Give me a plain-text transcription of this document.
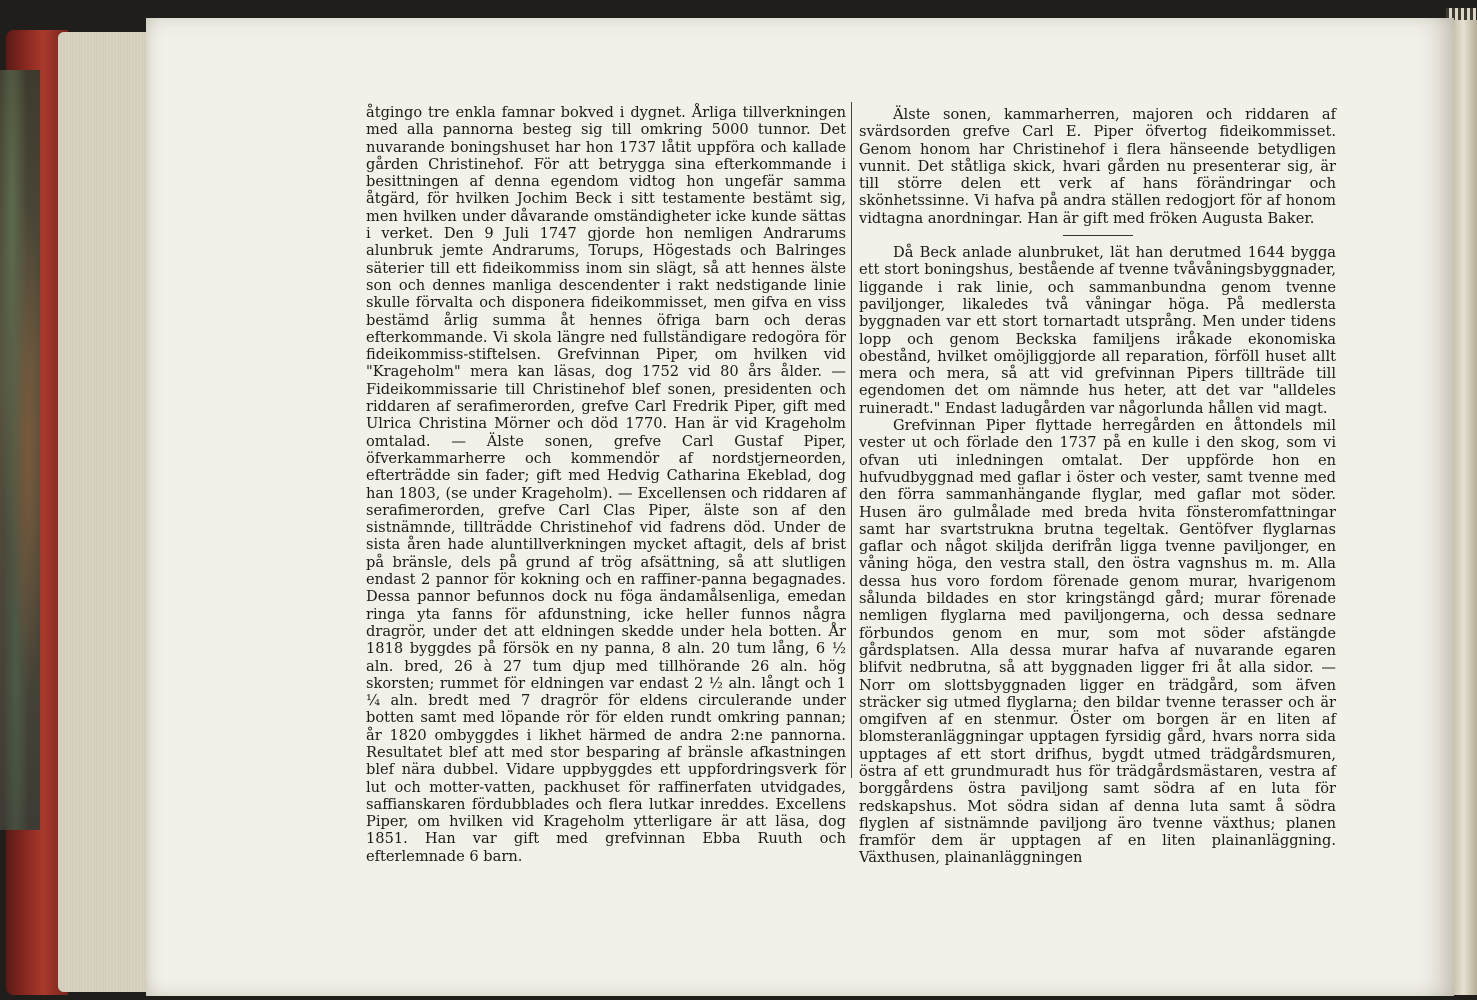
åtgingo tre enkla famnar bokved i dygnet. Årliga tillverkningen med alla pannorna besteg sig till omkring 5000 tunnor. Det nuvarande boningshuset har hon 1737 låtit uppföra och kallade gården Christinehof. För att betrygga sina efterkommande i besittningen af denna egendom vidtog hon ungefär samma åtgärd, för hvilken Jochim Beck i sitt testamente bestämt sig, men hvilken under dåvarande omständigheter icke kunde sättas i verket. Den 9 Juli 1747 gjorde hon nemligen Andrarums alunbruk jemte Andrarums, Torups, Högestads och Balringes säterier till ett fideikommiss inom sin slägt, så att hennes älste son och dennes manliga descendenter i rakt nedstigande linie skulle förvalta och disponera fideikommisset, men gifva en viss bestämd årlig summa åt hennes öfriga barn och deras efterkommande. Vi skola längre ned fullständigare redogöra för fideikommiss-stiftelsen. Grefvinnan Piper, om hvilken vid "Krageholm" mera kan läsas, dog 1752 vid 80 års ålder. — Fideikommissarie till Christinehof blef sonen, presidenten och riddaren af serafimerorden, grefve Carl Fredrik Piper, gift med Ulrica Christina Mörner och död 1770. Han är vid Krageholm omtalad. — Älste sonen, grefve Carl Gustaf Piper, öfverkammarherre och kommendör af nordstjerneorden, efterträdde sin fader; gift med Hedvig Catharina Ekeblad, dog han 1803, (se under Krageholm). — Excellensen och riddaren af serafimerorden, grefve Carl Clas Piper, älste son af den sistnämnde, tillträdde Christinehof vid fadrens död. Under de sista åren hade aluntillverkningen mycket aftagit, dels af brist på bränsle, dels på grund af trög afsättning, så att slutligen endast 2 pannor för kokning och en raffiner-panna begagnades. Dessa pannor befunnos dock nu föga ändamålsenliga, emedan ringa yta fanns för afdunstning, icke heller funnos några dragrör, under det att eldningen skedde under hela botten. År 1818 byggdes på försök en ny panna, 8 aln. 20 tum lång, 6 ½ aln. bred, 26 à 27 tum djup med tillhörande 26 aln. hög skorsten; rummet för eldningen var endast 2 ½ aln. långt och 1 ¼ aln. bredt med 7 dragrör för eldens circulerande under botten samt med löpande rör för elden rundt omkring pannan; år 1820 ombyggdes i likhet härmed de andra 2:ne pannorna. Resultatet blef att med stor besparing af bränsle afkastningen blef nära dubbel. Vidare uppbyggdes ett uppfordringsverk för lut och motter-vatten, packhuset för raffinerfaten utvidgades, saffianskaren fördubblades och flera lutkar inreddes. Excellens Piper, om hvilken vid Krageholm ytterligare är att läsa, dog 1851. Han var gift med grefvinnan Ebba Ruuth och efterlemnade 6 barn.

Älste sonen, kammarherren, majoren och riddaren af svärdsorden grefve Carl E. Piper öfvertog fideikommisset. Genom honom har Christinehof i flera hänseende betydligen vunnit. Det ståtliga skick, hvari gården nu presenterar sig, är till större delen ett verk af hans förändringar och skönhetssinne. Vi hafva på andra ställen redogjort för af honom vidtagna anordningar. Han är gift med fröken Augusta Baker.

Då Beck anlade alunbruket, lät han derutmed 1644 bygga ett stort boningshus, bestående af tvenne tvåvåningsbyggnader, liggande i rak linie, och sammanbundna genom tvenne paviljonger, likaledes två våningar höga. På medlersta byggnaden var ett stort tornartadt utsprång. Men under tidens lopp och genom Beckska familjens iråkade ekonomiska obestånd, hvilket omöjliggjorde all reparation, förföll huset allt mera och mera, så att vid grefvinnan Pipers tillträde till egendomen det om nämnde hus heter, att det var "alldeles ruineradt." Endast ladugården var någorlunda hållen vid magt.

Grefvinnan Piper flyttade herregården en åttondels mil vester ut och förlade den 1737 på en kulle i den skog, som vi ofvan uti inledningen omtalat. Der uppförde hon en hufvudbyggnad med gaflar i öster och vester, samt tvenne med den förra sammanhängande flyglar, med gaflar mot söder. Husen äro gulmålade med breda hvita fönsteromfattningar samt har svartstrukna brutna tegeltak. Gentöfver flyglarnas gaflar och något skiljda derifrån ligga tvenne paviljonger, en våning höga, den vestra stall, den östra vagnshus m. m. Alla dessa hus voro fordom förenade genom murar, hvarigenom sålunda bildades en stor kringstängd gård; murar förenade nemligen flyglarna med paviljongerna, och dessa sednare förbundos genom en mur, som mot söder afstängde gårdsplatsen. Alla dessa murar hafva af nuvarande egaren blifvit nedbrutna, så att byggnaden ligger fri åt alla sidor. — Norr om slottsbyggnaden ligger en trädgård, som äfven sträcker sig utmed flyglarna; den bildar tvenne terasser och är omgifven af en stenmur. Öster om borgen är en liten af blomsteranläggningar upptagen fyrsidig gård, hvars norra sida upptages af ett stort drifhus, bygdt utmed trädgårdsmuren, östra af ett grundmuradt hus för trädgårdsmästaren, vestra af borggårdens östra paviljong samt södra af en luta för redskapshus. Mot södra sidan af denna luta samt å södra flyglen af sistnämnde paviljong äro tvenne växthus; planen framför dem är upptagen af en liten plainanläggning. Växthusen, plainanläggningen
